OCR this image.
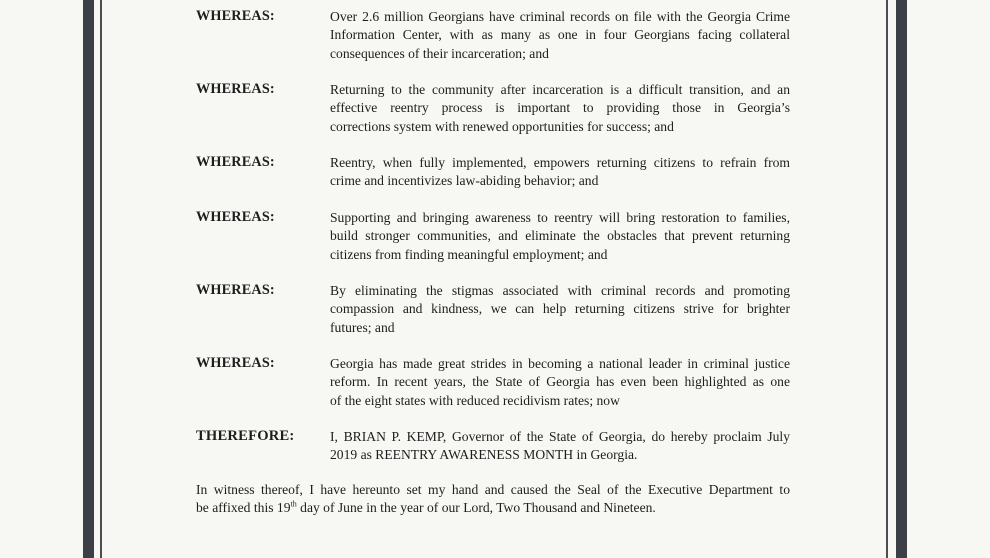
WHEREAS:	Over 2.6 million Georgians have criminal records on file with the Georgia Crime
Information Center, with as many as one in four Georgians facing collateral
consequences of their incarceration; and
WHEREAS:	Returning to the community after incarceration is a difficult transition, and an
effective reentry process is important to providing those in Georgia’s
corrections system with renewed opportunities for success; and
WHEREAS:	Reentry, when fully implemented, empowers returning citizens to refrain from
crime and incentivizes law-abiding behavior; and
WHEREAS:	Supporting and bringing awareness to reentry will bring restoration to families,
build stronger communities, and eliminate the obstacles that prevent returning
citizens from finding meaningful employment; and
WHEREAS:	By eliminating the stigmas associated with criminal records and promoting
compassion and kindness, we can help returning citizens strive for brighter
futures; and
WHEREAS:	Georgia has made great strides in becoming a national leader in criminal justice
reform. In recent years, the State of Georgia has even been highlighted as one
of the eight states with reduced recidivism rates; now
THEREFORE:	I, BRIAN P. KEMP, Governor of the State of Georgia, do hereby proclaim July
2019 as REENTRY AWARENESS MONTH in Georgia.
In witness thereof, I have hereunto set my hand and caused the Seal of the Executive Department to
be affixed this 19th day of June in the year of our Lord, Two Thousand and Nineteen.
